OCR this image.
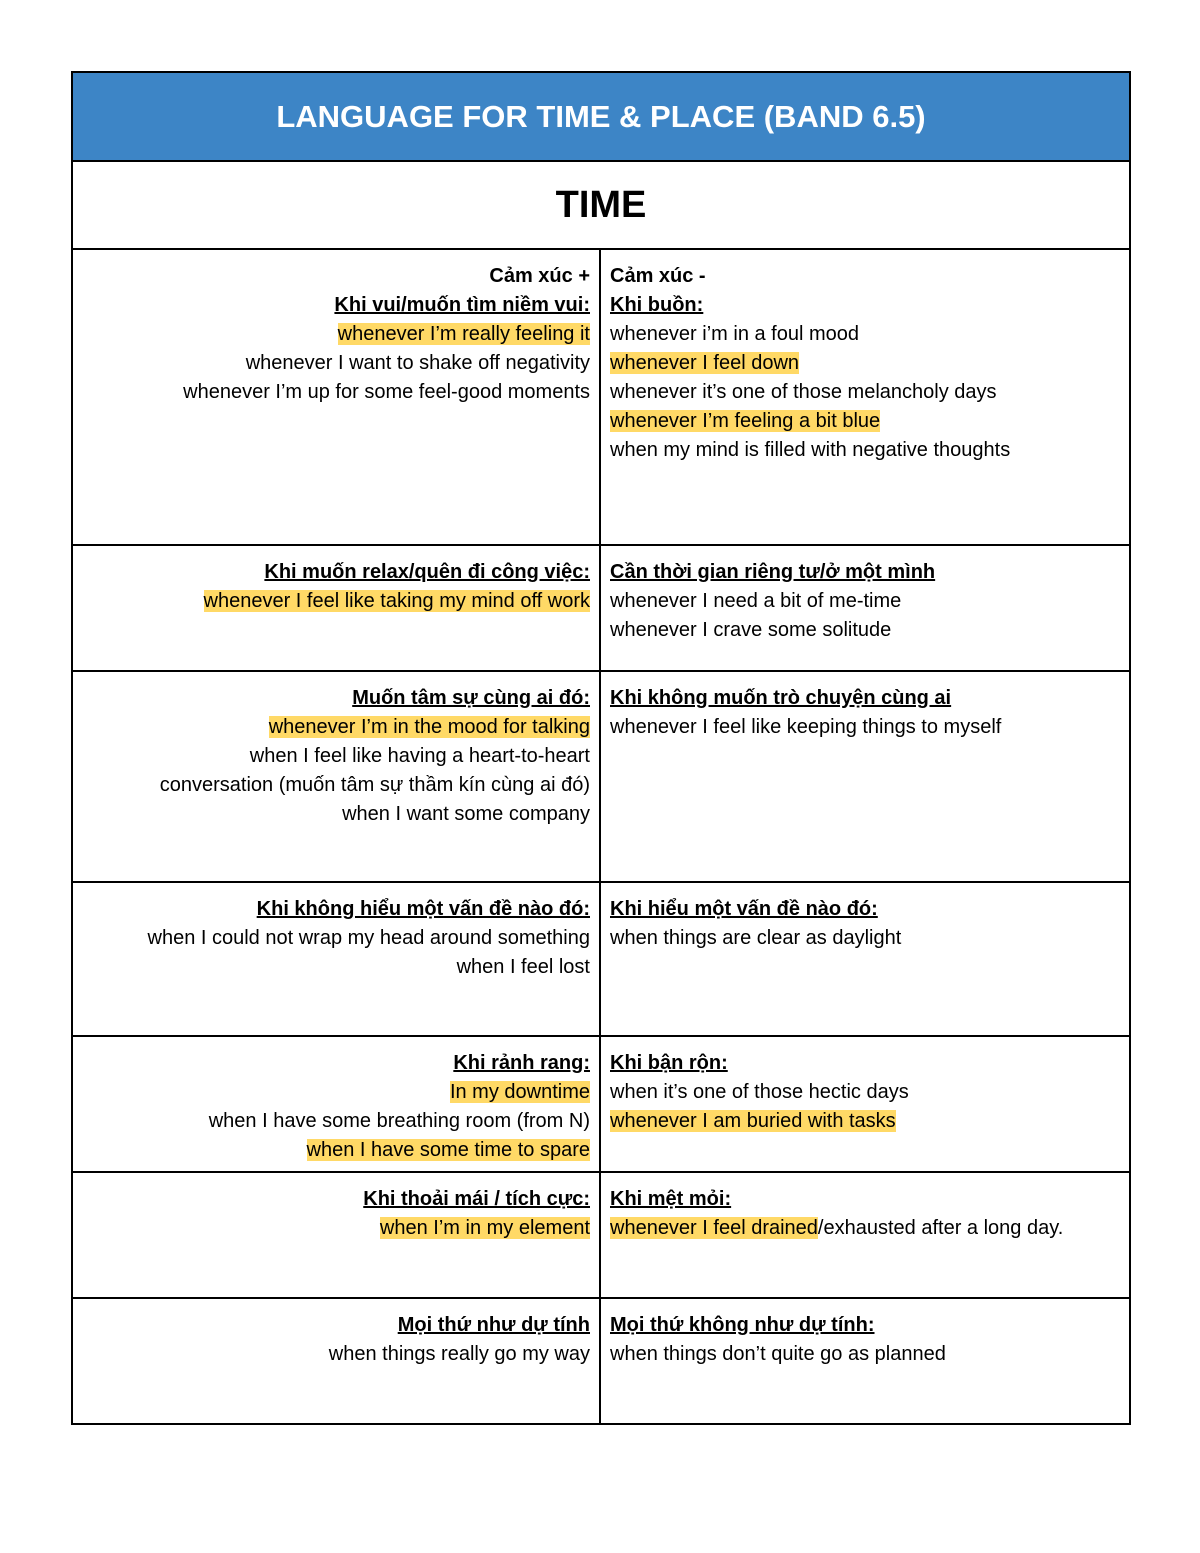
LANGUAGE FOR TIME & PLACE (BAND 6.5)
TIME
Cảm xúc +
Khi vui/muốn tìm niềm vui:
whenever I’m really feeling it
whenever I want to shake off negativity
whenever I’m up for some feel-good moments
Cảm xúc -
Khi buồn:
whenever i’m in a foul mood
whenever I feel down
whenever it’s one of those melancholy days
whenever I’m feeling a bit blue
when my mind is filled with negative thoughts
Khi muốn relax/quên đi công việc:
whenever I feel like taking my mind off work
Cần thời gian riêng tư/ở một mình
whenever I need a bit of me-time
whenever I crave some solitude
Muốn tâm sự cùng ai đó:
whenever I’m in the mood for talking
when I feel like having a heart-to-heart
conversation (muốn tâm sự thầm kín cùng ai đó)
when I want some company
Khi không muốn trò chuyện cùng ai
whenever I feel like keeping things to myself
Khi không hiểu một vấn đề nào đó:
when I could not wrap my head around something
when I feel lost
Khi hiểu một vấn đề nào đó:
when things are clear as daylight
Khi rảnh rang:
In my downtime
when I have some breathing room (from N)
when I have some time to spare
Khi bận rộn:
when it’s one of those hectic days
whenever I am buried with tasks
Khi thoải mái / tích cực:
when I’m in my element
Khi mệt mỏi:
whenever I feel drained/exhausted after a long day.
Mọi thứ như dự tính
when things really go my way
Mọi thứ không như dự tính:
when things don’t quite go as planned
